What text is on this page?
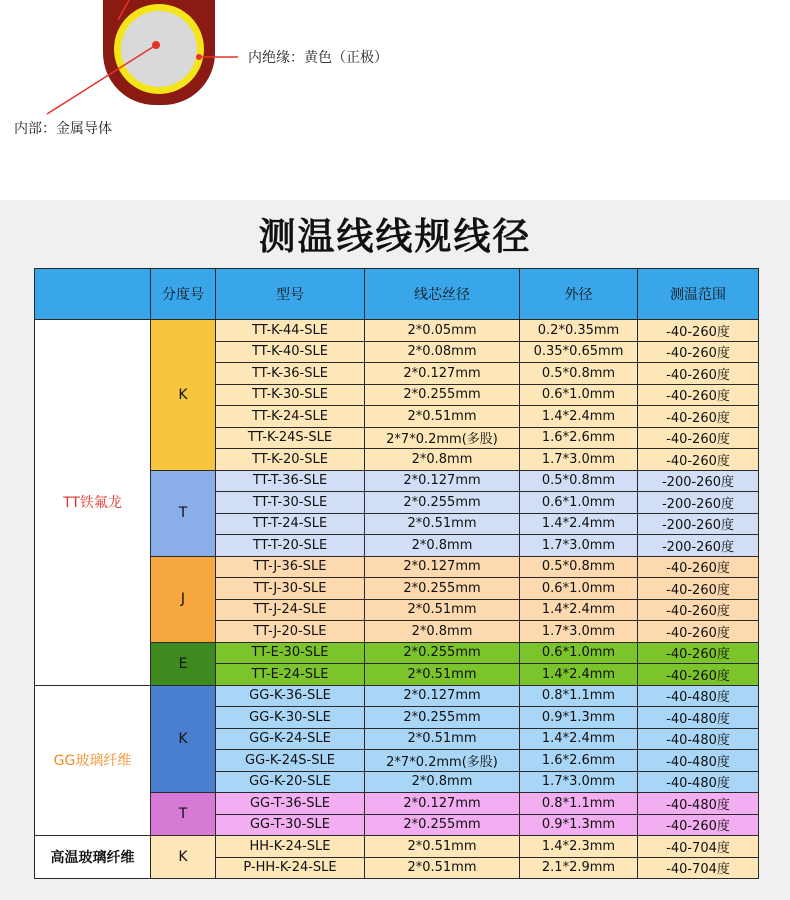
内绝缘：黄色（正极）
内部：金属导体
测温线线规线径
	分度号	型号	线芯丝径	外径	测温范围
TT铁氟龙	K	TT-K-44-SLE	2*0.05mm	0.2*0.35mm	-40-260度
		TT-K-40-SLE	2*0.08mm	0.35*0.65mm	-40-260度
		TT-K-36-SLE	2*0.127mm	0.5*0.8mm	-40-260度
		TT-K-30-SLE	2*0.255mm	0.6*1.0mm	-40-260度
		TT-K-24-SLE	2*0.51mm	1.4*2.4mm	-40-260度
		TT-K-24S-SLE	2*7*0.2mm(多股)	1.6*2.6mm	-40-260度
		TT-K-20-SLE	2*0.8mm	1.7*3.0mm	-40-260度
	T	TT-T-36-SLE	2*0.127mm	0.5*0.8mm	-200-260度
		TT-T-30-SLE	2*0.255mm	0.6*1.0mm	-200-260度
		TT-T-24-SLE	2*0.51mm	1.4*2.4mm	-200-260度
		TT-T-20-SLE	2*0.8mm	1.7*3.0mm	-200-260度
	J	TT-J-36-SLE	2*0.127mm	0.5*0.8mm	-40-260度
		TT-J-30-SLE	2*0.255mm	0.6*1.0mm	-40-260度
		TT-J-24-SLE	2*0.51mm	1.4*2.4mm	-40-260度
		TT-J-20-SLE	2*0.8mm	1.7*3.0mm	-40-260度
	E	TT-E-30-SLE	2*0.255mm	0.6*1.0mm	-40-260度
		TT-E-24-SLE	2*0.51mm	1.4*2.4mm	-40-260度
GG玻璃纤维	K	GG-K-36-SLE	2*0.127mm	0.8*1.1mm	-40-480度
		GG-K-30-SLE	2*0.255mm	0.9*1.3mm	-40-480度
		GG-K-24-SLE	2*0.51mm	1.4*2.4mm	-40-480度
		GG-K-24S-SLE	2*7*0.2mm(多股)	1.6*2.6mm	-40-480度
		GG-K-20-SLE	2*0.8mm	1.7*3.0mm	-40-480度
	T	GG-T-36-SLE	2*0.127mm	0.8*1.1mm	-40-480度
		GG-T-30-SLE	2*0.255mm	0.9*1.3mm	-40-260度
高温玻璃纤维	K	HH-K-24-SLE	2*0.51mm	1.4*2.3mm	-40-704度
		P-HH-K-24-SLE	2*0.51mm	2.1*2.9mm	-40-704度
